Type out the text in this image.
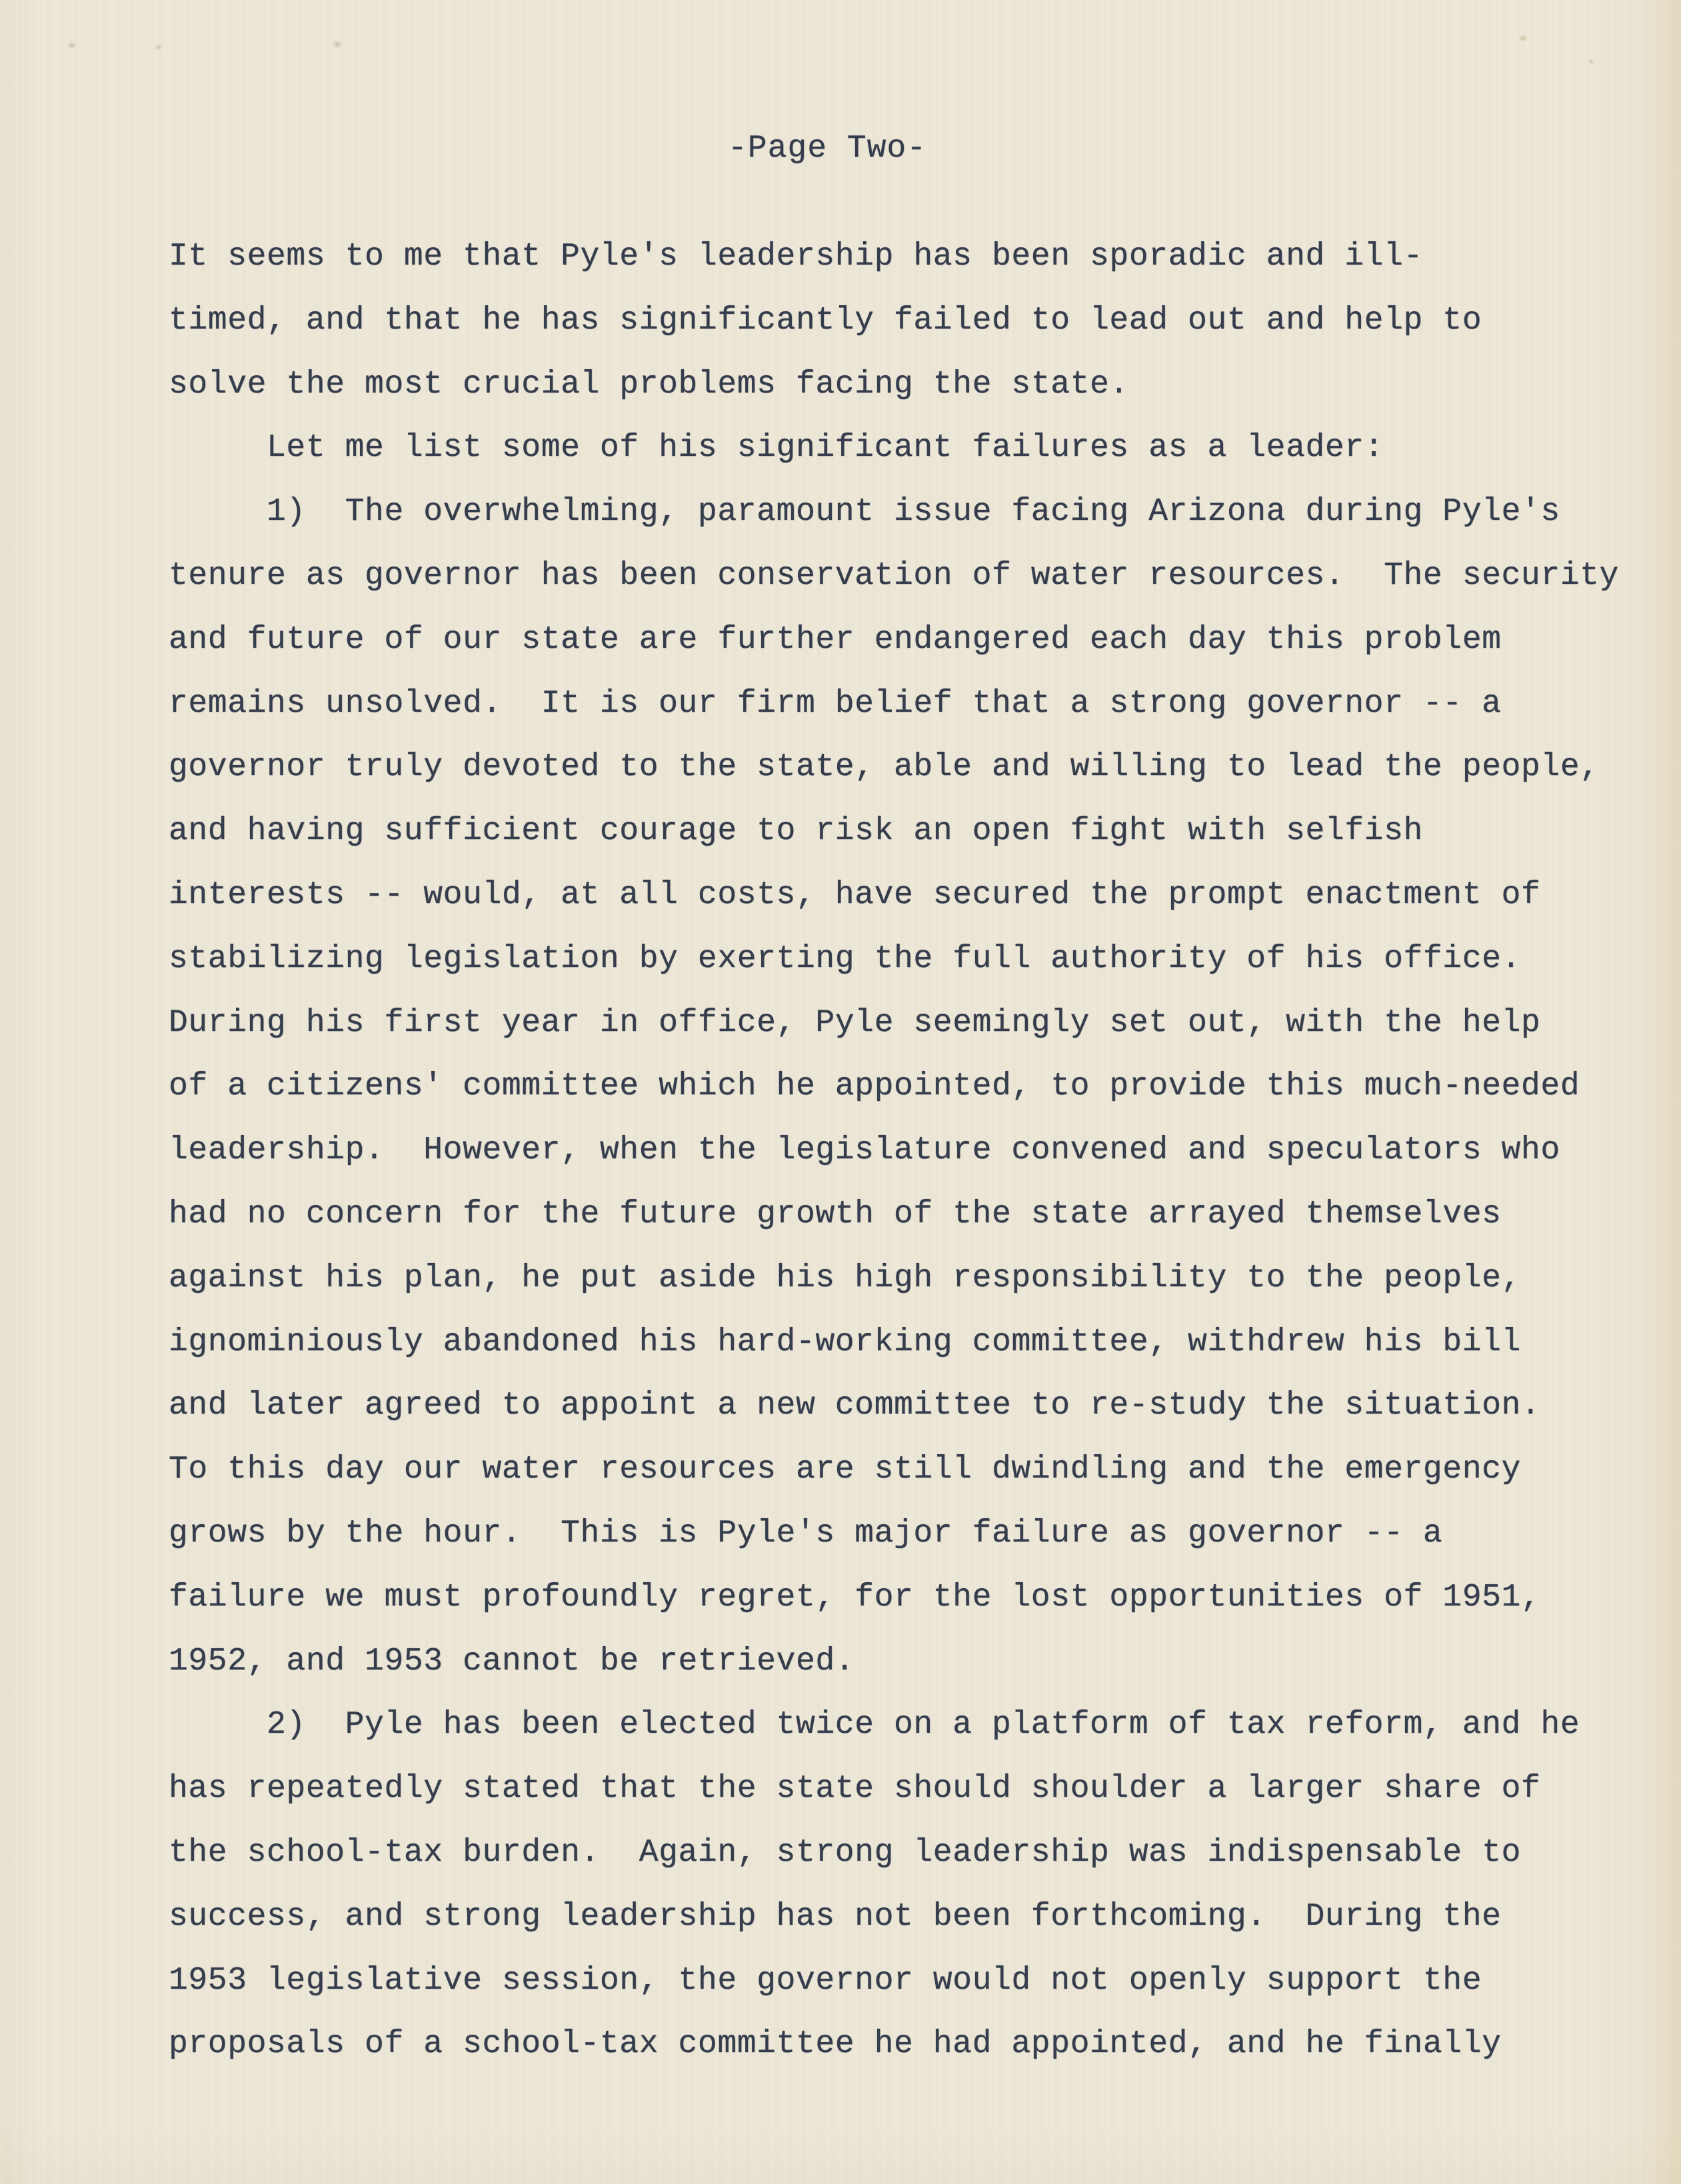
-Page Two-
It seems to me that Pyle's leadership has been sporadic and ill-
timed, and that he has significantly failed to lead out and help to
solve the most crucial problems facing the state.
Let me list some of his significant failures as a leader:
1)  The overwhelming, paramount issue facing Arizona during Pyle's
tenure as governor has been conservation of water resources.  The security
and future of our state are further endangered each day this problem
remains unsolved.  It is our firm belief that a strong governor -- a
governor truly devoted to the state, able and willing to lead the people,
and having sufficient courage to risk an open fight with selfish
interests -- would, at all costs, have secured the prompt enactment of
stabilizing legislation by exerting the full authority of his office.
During his first year in office, Pyle seemingly set out, with the help
of a citizens' committee which he appointed, to provide this much-needed
leadership.  However, when the legislature convened and speculators who
had no concern for the future growth of the state arrayed themselves
against his plan, he put aside his high responsibility to the people,
ignominiously abandoned his hard-working committee, withdrew his bill
and later agreed to appoint a new committee to re-study the situation.
To this day our water resources are still dwindling and the emergency
grows by the hour.  This is Pyle's major failure as governor -- a
failure we must profoundly regret, for the lost opportunities of 1951,
1952, and 1953 cannot be retrieved.
2)  Pyle has been elected twice on a platform of tax reform, and he
has repeatedly stated that the state should shoulder a larger share of
the school-tax burden.  Again, strong leadership was indispensable to
success, and strong leadership has not been forthcoming.  During the
1953 legislative session, the governor would not openly support the
proposals of a school-tax committee he had appointed, and he finally
